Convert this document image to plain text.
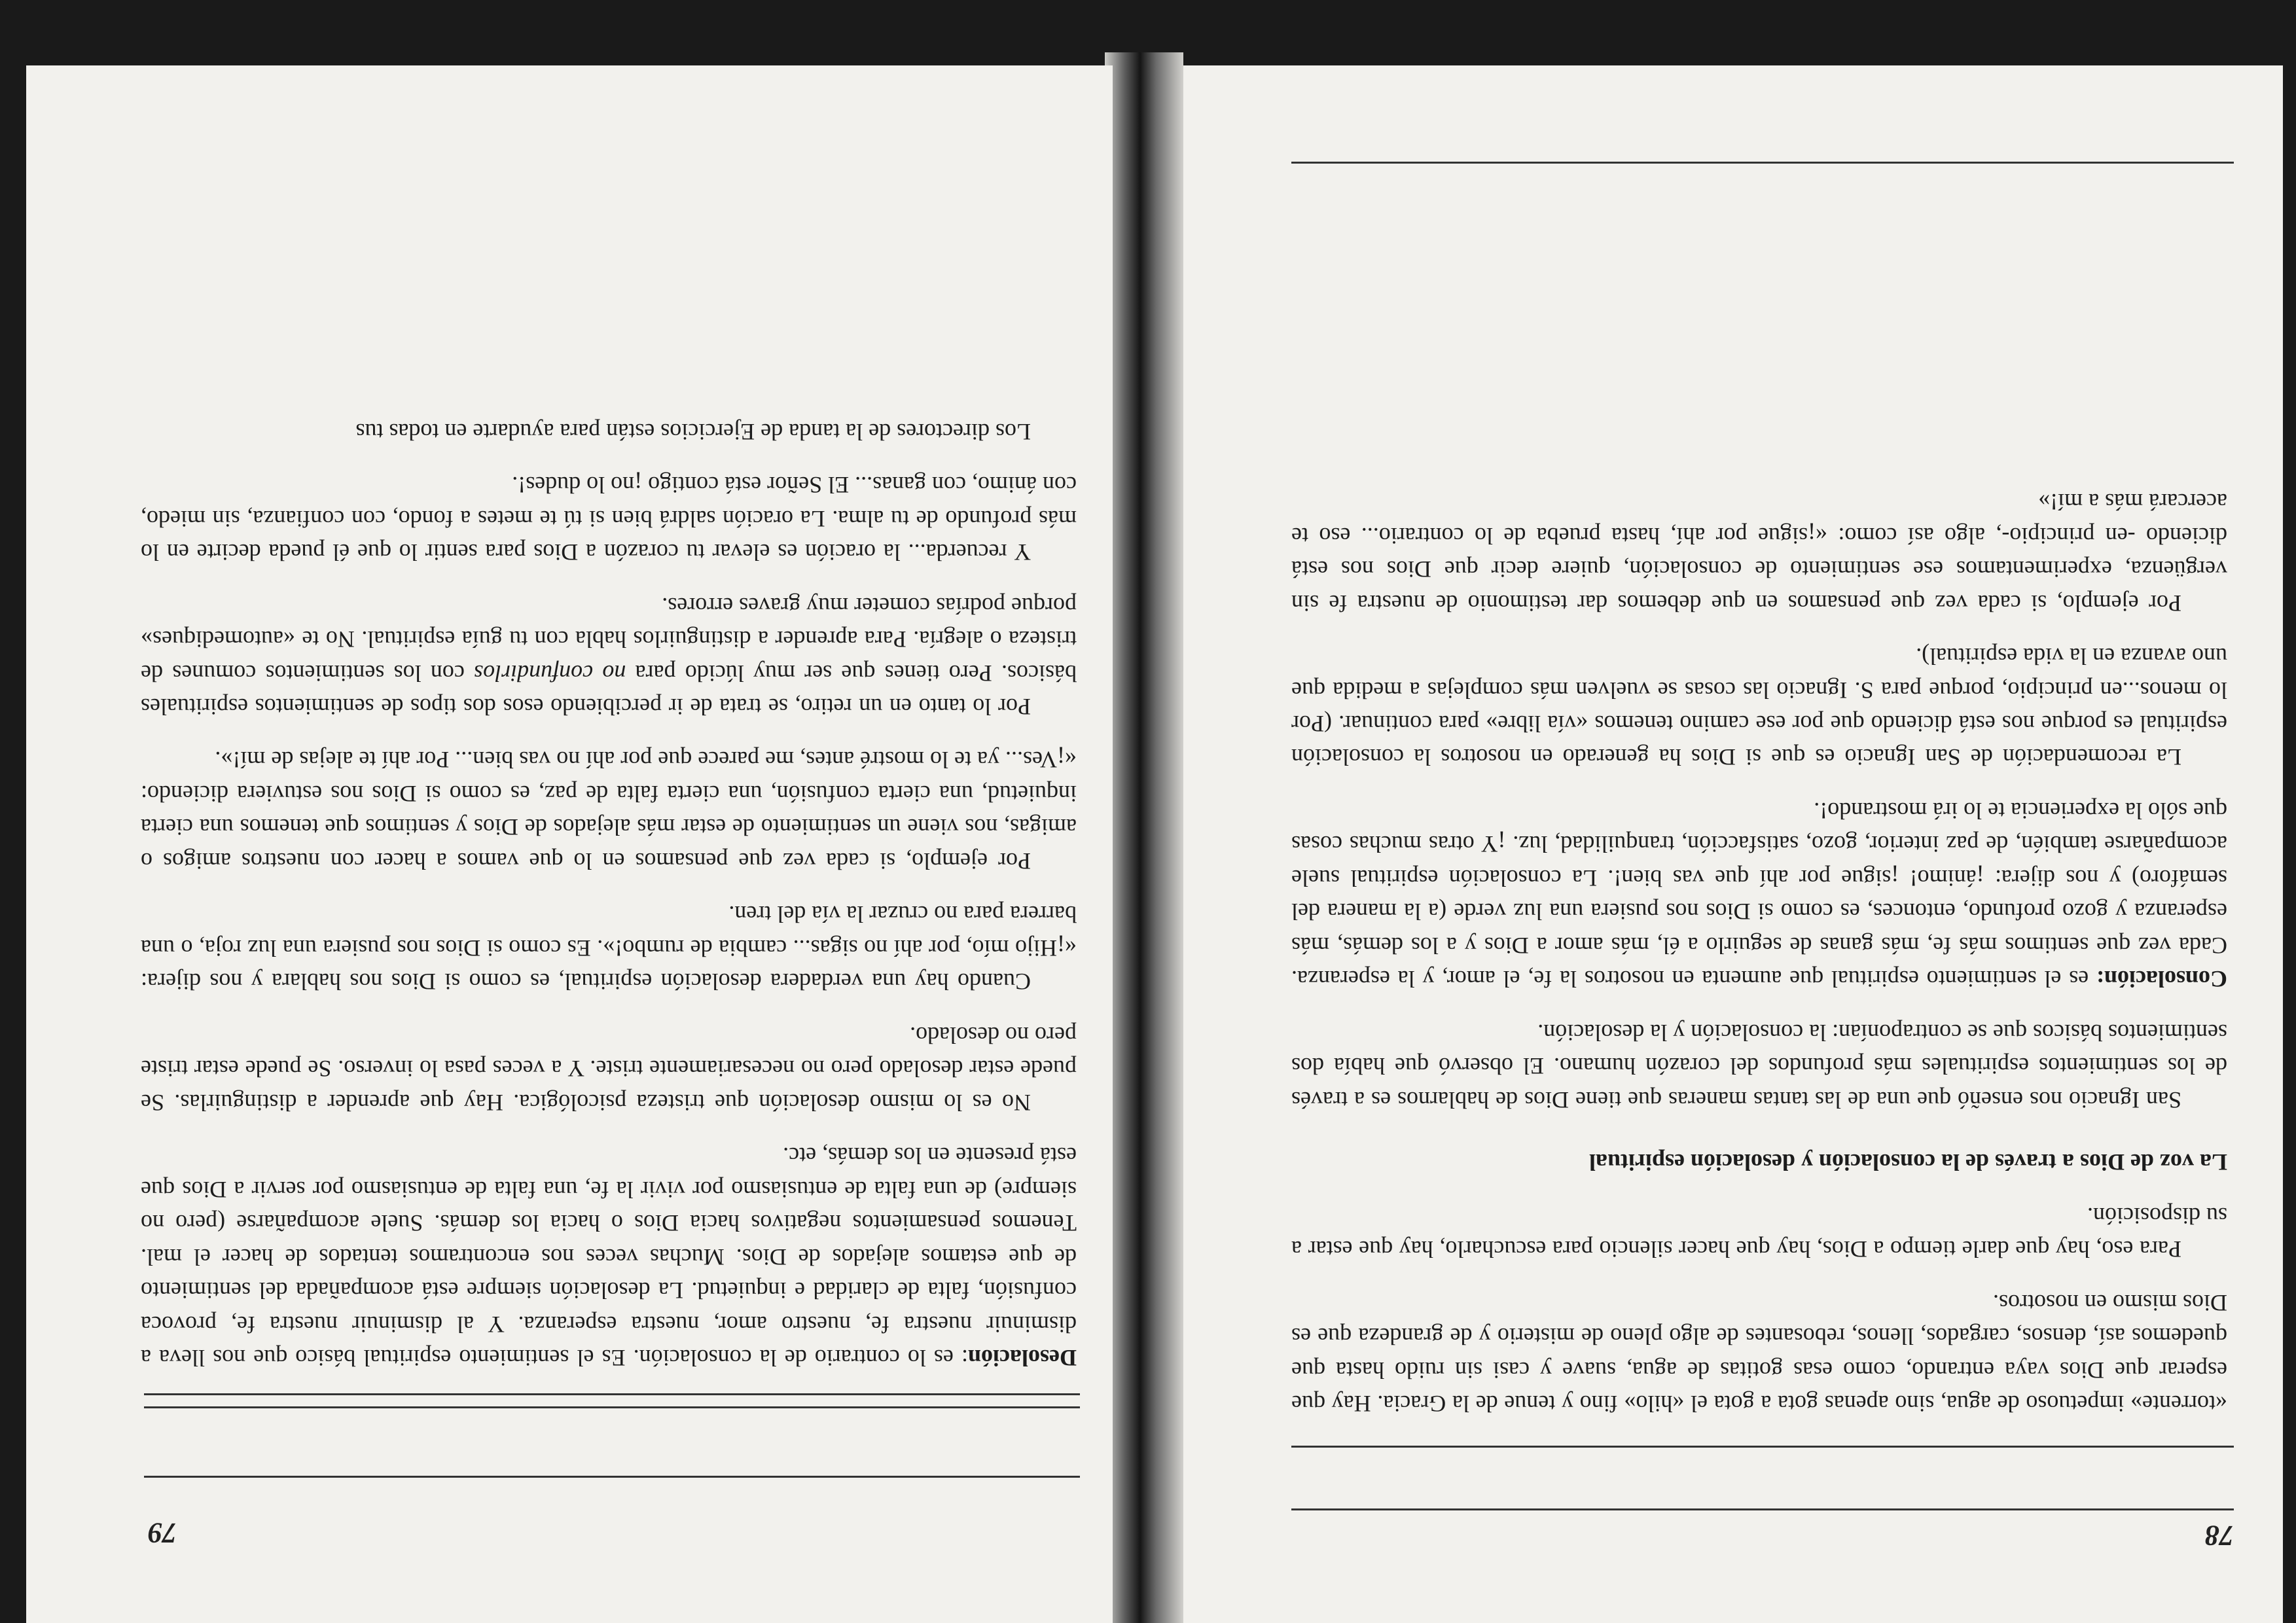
78

«torrente» impetuoso de agua, sino apenas gota a gota el «hilo» fino y tenue de la Gracia. Hay que esperar que Dios vaya entrando, como esas gotitas de agua, suave y casi sin ruido hasta que quedemos así, densos, cargados, llenos, rebosantes de algo pleno de misterio y de grandeza que es Dios mismo en nosotros.

Para eso, hay que darle tiempo a Dios, hay que hacer silencio para escucharlo, hay que estar a su disposición.

La voz de Dios a través de la consolación y desolación espiritual

San Ignacio nos enseñó que una de las tantas maneras que tiene Dios de hablarnos es a través de los sentimientos espirituales más profundos del corazón humano. El observó que había dos sentimientos básicos que se contraponían: la consolación y la desolación.

Consolación: es el sentimiento espiritual que aumenta en nosotros la fe, el amor, y la esperanza. Cada vez que sentimos más fe, más ganas de seguirlo a él, más amor a Dios y a los demás, más esperanza y gozo profundo, entonces, es como si Dios nos pusiera una luz verde (a la manera del semáforo) y nos dijera: ¡ánimo! ¡sigue por ahí que vas bien!. La consolación espiritual suele acompañarse también, de paz interior, gozo, satisfacción, tranquilidad, luz. ¡Y otras muchas cosas que sólo la experiencia te lo irá mostrando!.

La recomendación de San Ignacio es que si Dios ha generado en nosotros la consolación espiritual es porque nos está diciendo que por ese camino tenemos «vía libre» para continuar. (Por lo menos...en principio, porque para S. Ignacio las cosas se vuelven más complejas a medida que uno avanza en la vida espiritual).

Por ejemplo, si cada vez que pensamos en que debemos dar testimonio de nuestra fe sin vergüenza, experimentamos ese sentimiento de consolación, quiere decir que Dios nos está diciendo -en principio-, algo así como: «¡sigue por ahí, hasta prueba de lo contrario... eso te acercará más a mí!»

79

Desolación: es lo contrario de la consolación. Es el sentimiento espiritual básico que nos lleva a disminuir nuestra fe, nuestro amor, nuestra esperanza. Y al disminuir nuestra fe, provoca confusión, falta de claridad e inquietud. La desolación siempre está acompañada del sentimiento de que estamos alejados de Dios. Muchas veces nos encontramos tentados de hacer el mal. Tenemos pensamientos negativos hacia Dios o hacia los demás. Suele acompañarse (pero no siempre) de una falta de entusiasmo por vivir la fe, una falta de entusiasmo por servir a Dios que está presente en los demás, etc.

No es lo mismo desolación que tristeza psicológica. Hay que aprender a distinguirlas. Se puede estar desolado pero no necesariamente triste. Y a veces pasa lo inverso. Se puede estar triste pero no desolado.

Cuando hay una verdadera desolación espiritual, es como si Dios nos hablara y nos dijera: «¡Hijo mío, por ahí no sigas... cambia de rumbo!». Es como si Dios nos pusiera una luz roja, o una barrera para no cruzar la vía del tren.

Por ejemplo, si cada vez que pensamos en lo que vamos a hacer con nuestros amigos o amigas, nos viene un sentimiento de estar más alejados de Dios y sentimos que tenemos una cierta inquietud, una cierta confusión, una cierta falta de paz, es como si Dios nos estuviera diciendo: «¡Ves... ya te lo mostré antes, me parece que por ahí no vas bien... Por ahí te alejas de mí!».

Por lo tanto en un retiro, se trata de ir percibiendo esos dos tipos de sentimientos espirituales básicos. Pero tienes que ser muy lúcido para no confundirlos con los sentimientos comunes de tristeza o alegría. Para aprender a distinguirlos habla con tu guía espiritual. No te «automediques» porque podrías cometer muy graves errores.

Y recuerda... la oración es elevar tu corazón a Dios para sentir lo que él pueda decirte en lo más profundo de tu alma. La oración saldrá bien si tú te metes a fondo, con confianza, sin miedo, con ánimo, con ganas... El Señor está contigo ¡no lo dudes!.

Los directores de la tanda de Ejercicios están para ayudarte en todas tus
